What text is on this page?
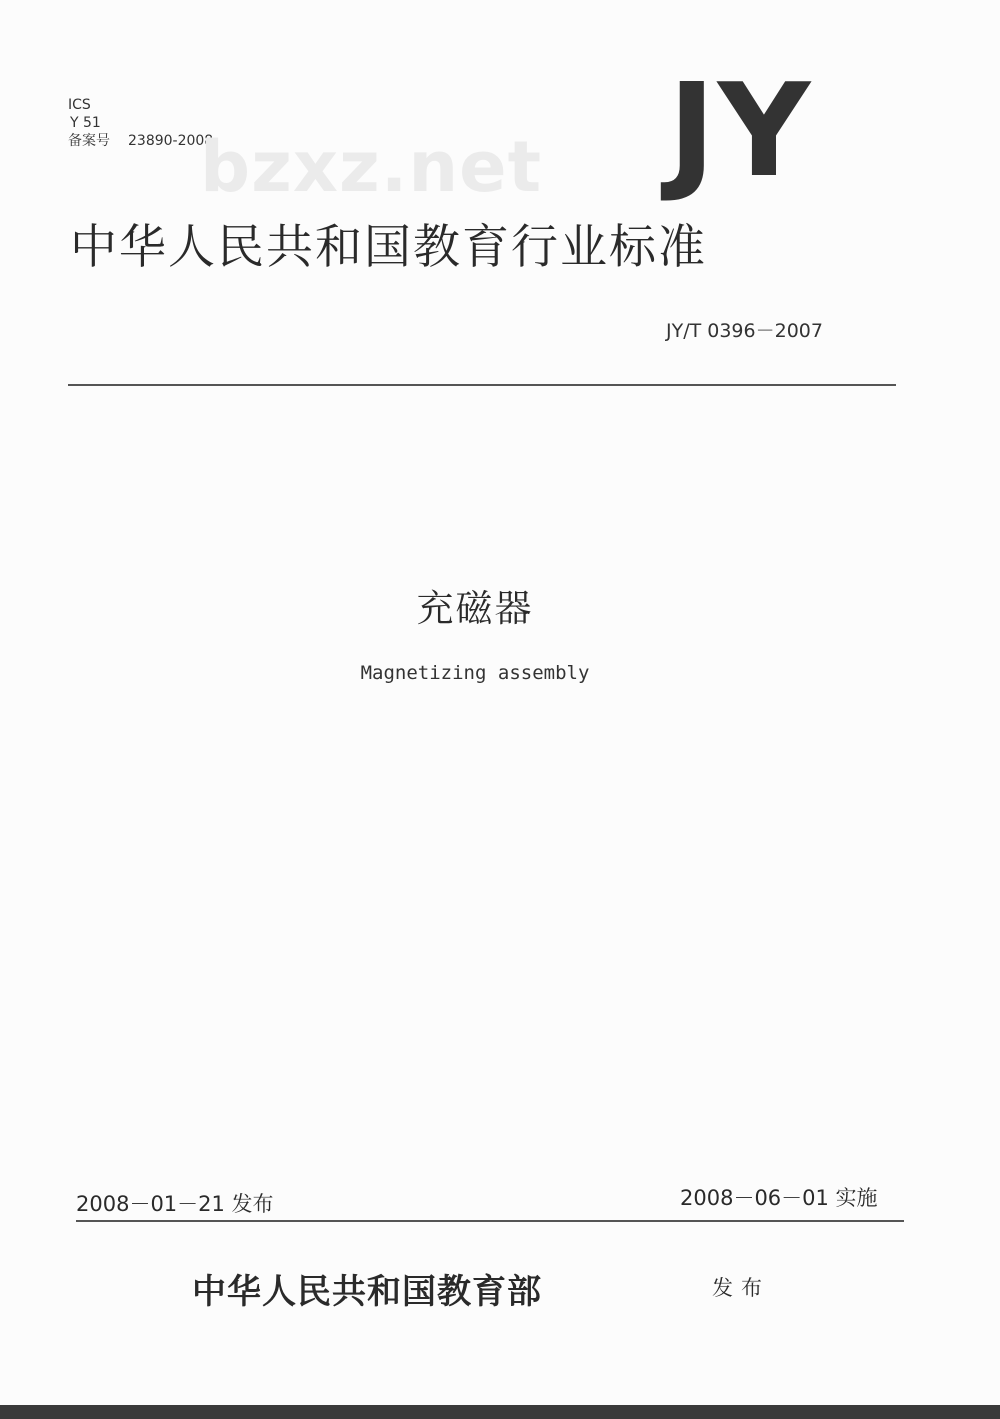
ICS
Y 51
备案号 23890-2008
bzxz.net JY
中华人民共和国教育行业标准
JY/T 0396－2007
充磁器
Magnetizing assembly
2008－01－21 发布	2008－06－01 实施
中华人民共和国教育部	发布
